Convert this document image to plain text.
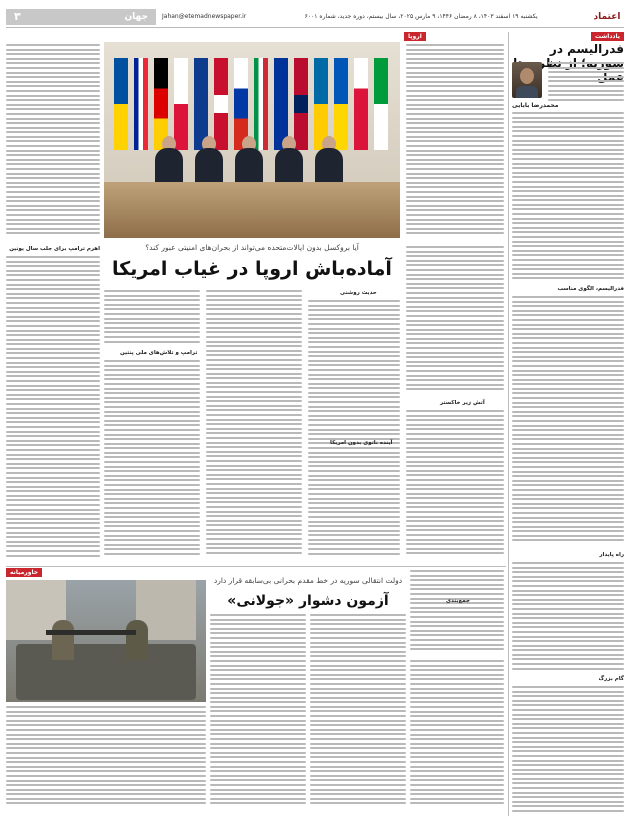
اعتماد
یکشنبه ۱۹ اسفند ۱۴۰۳، ۸ رمضان ۱۴۴۶، ۹ مارس ۲۰۲۵، سال بیستم، دوره جدید، شماره ۶۰۰۱
Jahan@etemadnewspaper.ir
جهان
۳
یادداشت
فدرالیسم در نظریه
محمدرضا بابایی
فدرالیسم، الگوی مناسب
راه پایدار
گام بزرگ
اروپا
آیا بروکسل بدون ایالات‌متحده می‌تواند از بحران‌های امنیتی عبور کند؟
آماده‌باش اروپا در غیاب امریکا
اهرم ترامپ برای جلب سال یونین
حدیث روشنی
آینده ناتوی بدون امریکا
ترامپ و تلاش‌های ملی پنتین
آتش زیر خاکستر
خاورمیانه
دولت انتقالی سوریه در خط مقدم بحرانی بی‌سابقه قرار دارد
آزمون دشوار «جولانی»	جمع‌بندی
